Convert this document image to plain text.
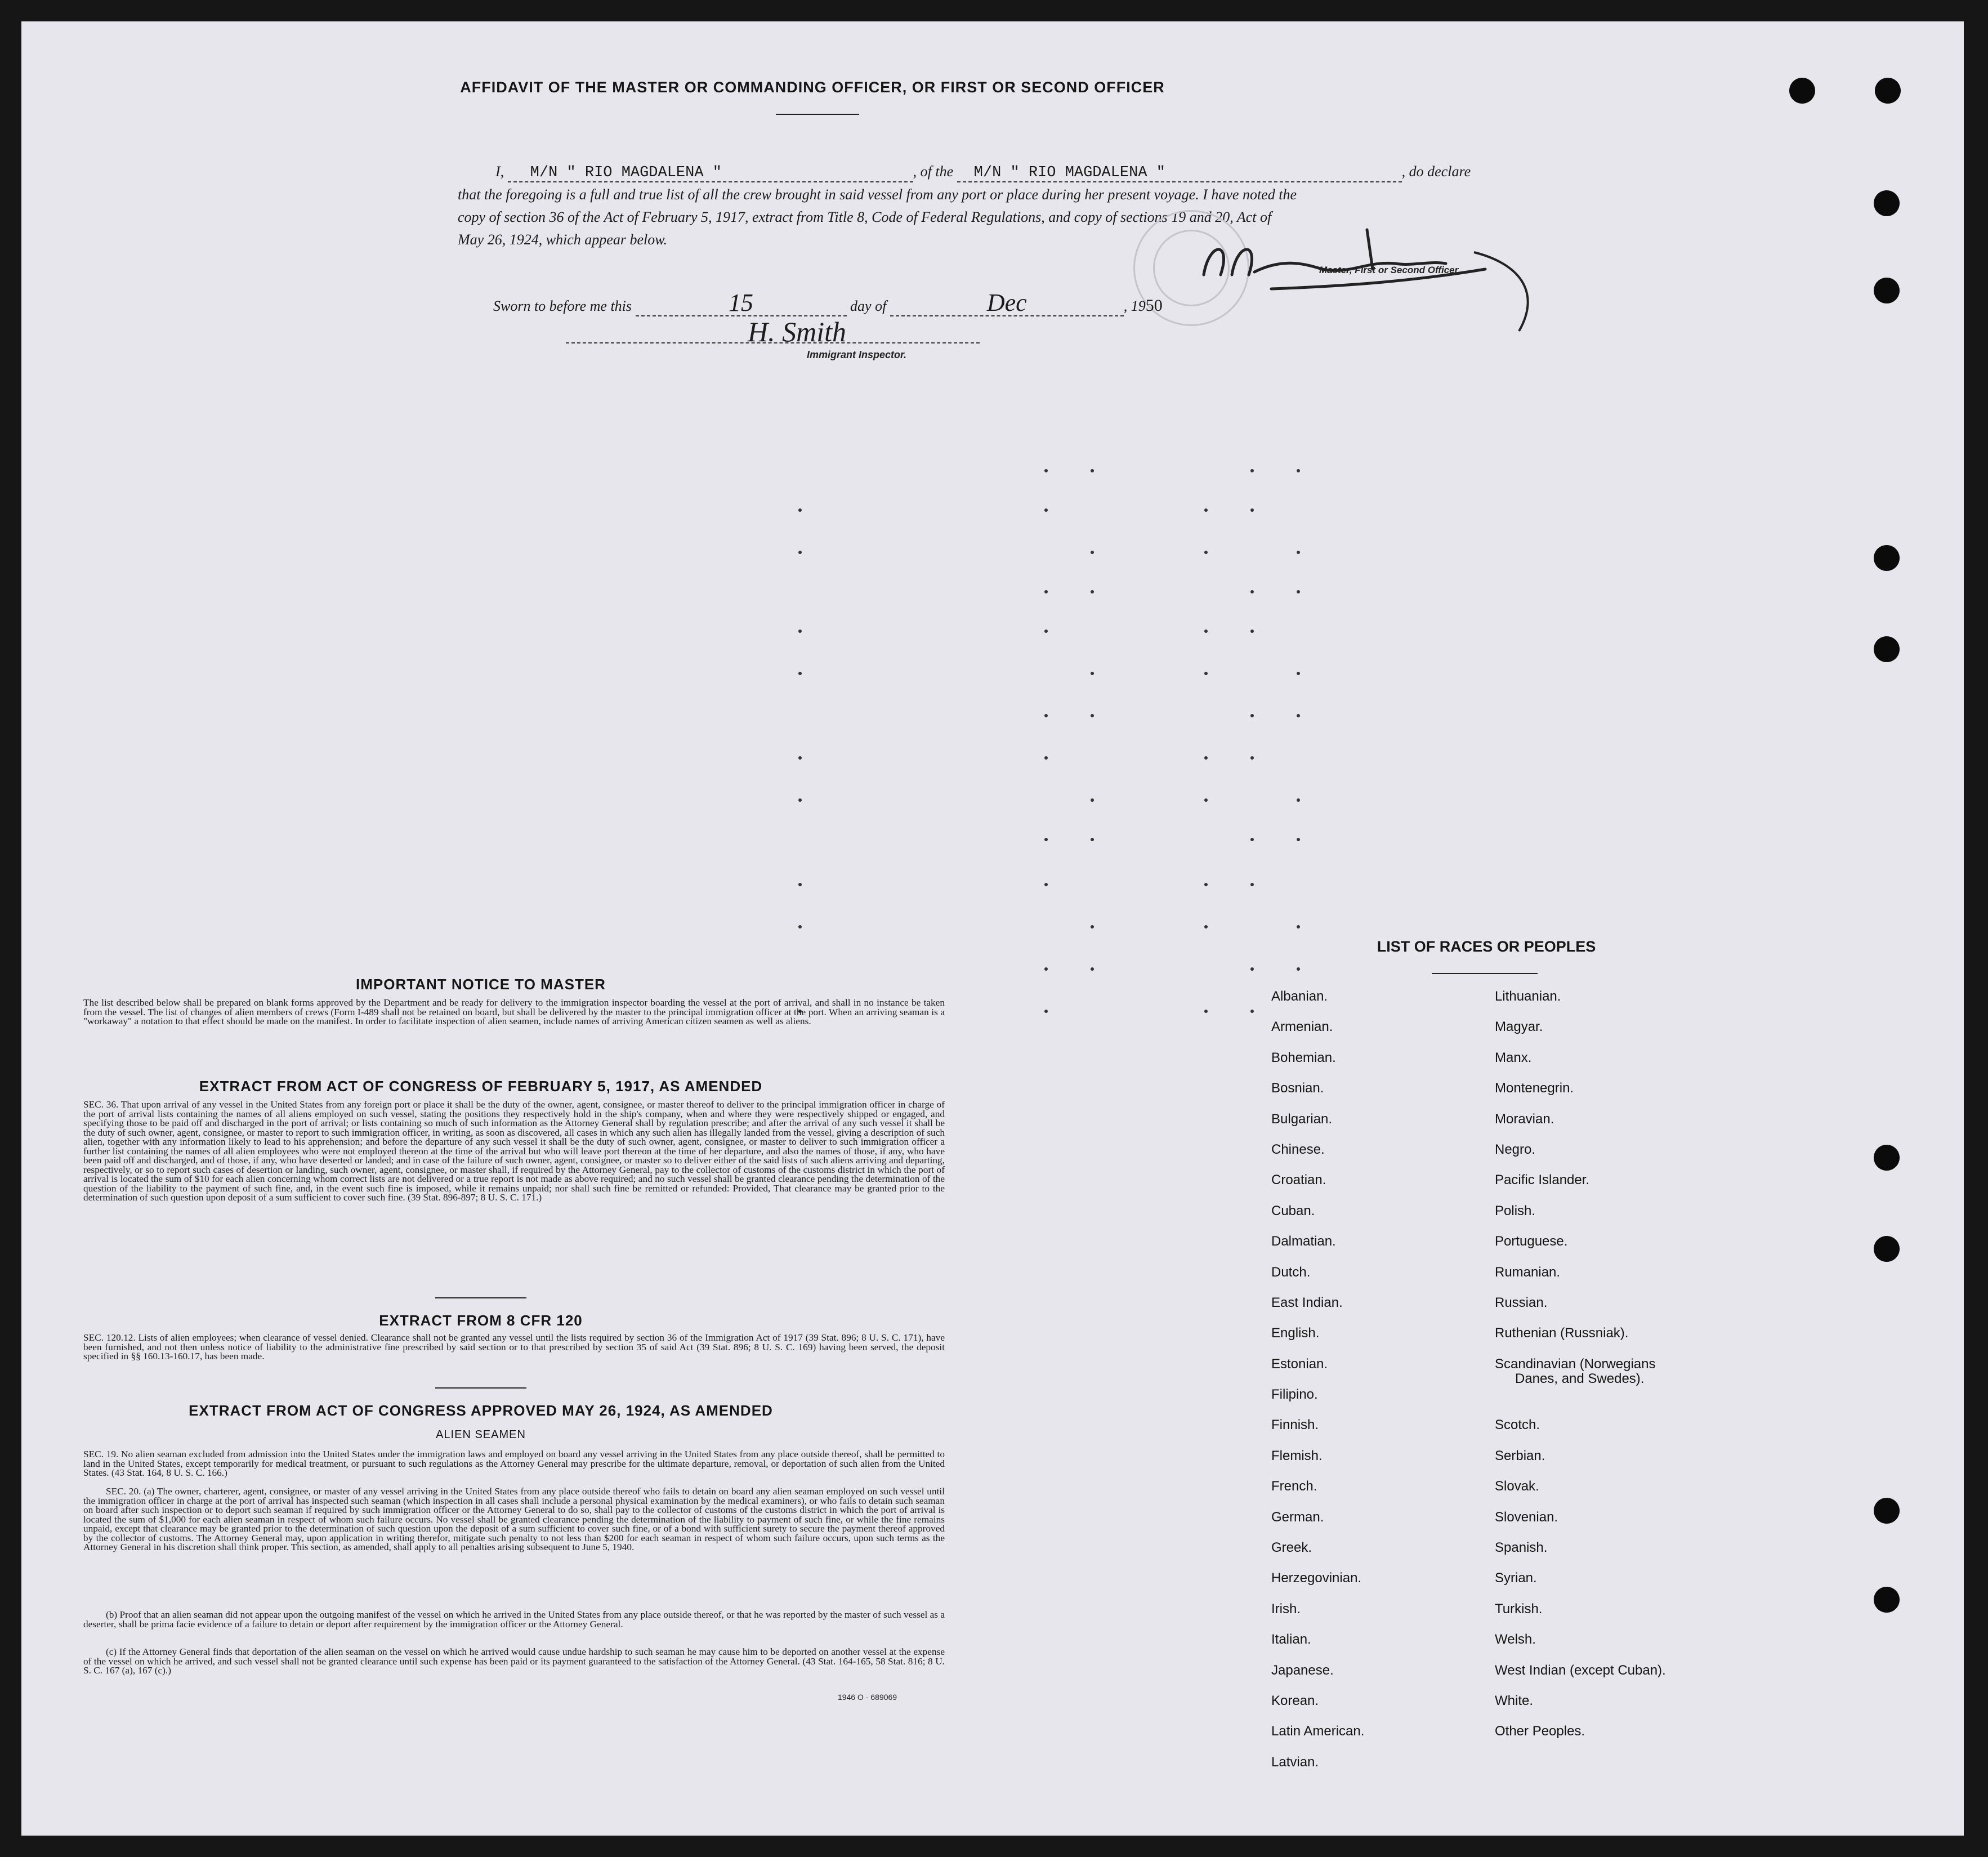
AFFIDAVIT OF THE MASTER OR COMMANDING OFFICER, OR FIRST OR SECOND OFFICER
I, M/N " RIO MAGDALENA "	, of the M/N " RIO MAGDALENA "	, do declare
that the foregoing is a full and true list of all the crew brought in said vessel from any port or place during her present voyage. I have noted the
copy of section 36 of the Act of February 5, 1917, extract from Title 8, Code of Federal Regulations, and copy of sections 19 and 20, Act of
May 26, 1924, which appear below.
Master, First or Second Officer
Sworn to before me this	15	day of	Dec	, 1950
H. Smith
Immigrant Inspector.
IMPORTANT NOTICE TO MASTER
The list described below shall be prepared on blank forms approved by the Department and be ready for delivery to the immigration inspector boarding the vessel at the port of arrival, and shall in no instance be taken from the vessel. The list of changes of alien members of crews (Form I-489 shall not be retained on board, but shall be delivered by the master to the principal immigration officer at the port. When an arriving seaman is a "workaway" a notation to that effect should be made on the manifest. In order to facilitate inspection of alien seamen, include names of arriving American citizen seamen as well as aliens.
EXTRACT FROM ACT OF CONGRESS OF FEBRUARY 5, 1917, AS AMENDED
SEC. 36. That upon arrival of any vessel in the United States from any foreign port or place it shall be the duty of the owner, agent, consignee, or master thereof to deliver to the principal immigration officer in charge of the port of arrival lists containing the names of all aliens employed on such vessel, stating the positions they respectively hold in the ship's company, when and where they were respectively shipped or engaged, and specifying those to be paid off and discharged in the port of arrival; or lists containing so much of such information as the Attorney General shall by regulation prescribe; and after the arrival of any such vessel it shall be the duty of such owner, agent, consignee, or master to report to such immigration officer, in writing, as soon as discovered, all cases in which any such alien has illegally landed from the vessel, giving a description of such alien, together with any information likely to lead to his apprehension; and before the departure of any such vessel it shall be the duty of such owner, agent, consignee, or master to deliver to such immigration officer a further list containing the names of all alien employees who were not employed thereon at the time of the arrival but who will leave port thereon at the time of her departure, and also the names of those, if any, who have been paid off and discharged, and of those, if any, who have deserted or landed; and in case of the failure of such owner, agent, consignee, or master so to deliver either of the said lists of such aliens arriving and departing, respectively, or so to report such cases of desertion or landing, such owner, agent, consignee, or master shall, if required by the Attorney General, pay to the collector of customs of the customs district in which the port of arrival is located the sum of $10 for each alien concerning whom correct lists are not delivered or a true report is not made as above required; and no such vessel shall be granted clearance pending the determination of the question of the liability to the payment of such fine, and, in the event such fine is imposed, while it remains unpaid; nor shall such fine be remitted or refunded: Provided, That clearance may be granted prior to the determination of such question upon deposit of a sum sufficient to cover such fine. (39 Stat. 896-897; 8 U. S. C. 171.)
EXTRACT FROM 8 CFR 120
SEC. 120.12. Lists of alien employees; when clearance of vessel denied. Clearance shall not be granted any vessel until the lists required by section 36 of the Immigration Act of 1917 (39 Stat. 896; 8 U. S. C. 171), have been furnished, and not then unless notice of liability to the administrative fine prescribed by said section or to that prescribed by section 35 of said Act (39 Stat. 896; 8 U. S. C. 169) having been served, the deposit specified in §§ 160.13-160.17, has been made.
EXTRACT FROM ACT OF CONGRESS APPROVED MAY 26, 1924, AS AMENDED
ALIEN SEAMEN
SEC. 19. No alien seaman excluded from admission into the United States under the immigration laws and employed on board any vessel arriving in the United States from any place outside thereof, shall be permitted to land in the United States, except temporarily for medical treatment, or pursuant to such regulations as the Attorney General may prescribe for the ultimate departure, removal, or deportation of such alien from the United States. (43 Stat. 164, 8 U. S. C. 166.)
SEC. 20. (a) The owner, charterer, agent, consignee, or master of any vessel arriving in the United States from any place outside thereof who fails to detain on board any alien seaman employed on such vessel until the immigration officer in charge at the port of arrival has inspected such seaman (which inspection in all cases shall include a personal physical examination by the medical examiners), or who fails to detain such seaman on board after such inspection or to deport such seaman if required by such immigration officer or the Attorney General to do so, shall pay to the collector of customs of the customs district in which the port of arrival is located the sum of $1,000 for each alien seaman in respect of whom such failure occurs. No vessel shall be granted clearance pending the determination of the liability to payment of such fine, or while the fine remains unpaid, except that clearance may be granted prior to the determination of such question upon the deposit of a sum sufficient to cover such fine, or of a bond with sufficient surety to secure the payment thereof approved by the collector of customs. The Attorney General may, upon application in writing therefor, mitigate such penalty to not less than $200 for each seaman in respect of whom such failure occurs, upon such terms as the Attorney General in his discretion shall think proper. This section, as amended, shall apply to all penalties arising subsequent to June 5, 1940.
(b) Proof that an alien seaman did not appear upon the outgoing manifest of the vessel on which he arrived in the United States from any place outside thereof, or that he was reported by the master of such vessel as a deserter, shall be prima facie evidence of a failure to detain or deport after requirement by the immigration officer or the Attorney General.
(c) If the Attorney General finds that deportation of the alien seaman on the vessel on which he arrived would cause undue hardship to such seaman he may cause him to be deported on another vessel at the expense of the vessel on which he arrived, and such vessel shall not be granted clearance until such expense has been paid or its payment guaranteed to the satisfaction of the Attorney General. (43 Stat. 164-165, 58 Stat. 816; 8 U. S. C. 167 (a), 167 (c).)
1946 O - 689069
LIST OF RACES OR PEOPLES
Albanian.
Armenian.
Bohemian.
Bosnian.
Bulgarian.
Chinese.
Croatian.
Cuban.
Dalmatian.
Dutch.
East Indian.
English.
Estonian.
Filipino.
Finnish.
Flemish.
French.
German.
Greek.
Herzegovinian.
Irish.
Italian.
Japanese.
Korean.
Latin American.
Latvian.
Lithuanian.
Magyar.
Manx.
Montenegrin.
Moravian.
Negro.
Pacific Islander.
Polish.
Portuguese.
Rumanian.
Russian.
Ruthenian (Russniak).
Scandinavian (Norwegians
Danes, and Swedes).
Scotch.
Serbian.
Slovak.
Slovenian.
Spanish.
Syrian.
Turkish.
Welsh.
West Indian (except Cuban).
White.
Other Peoples.
